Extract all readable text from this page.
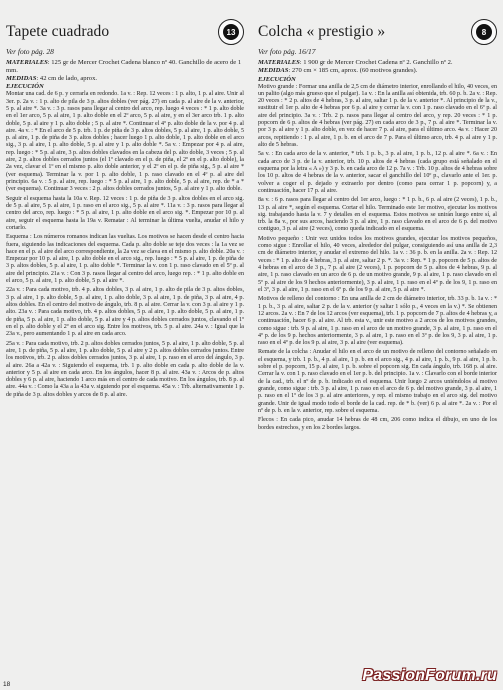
Tapete cuadrado	13
Ver foto pág. 28

MATERIALES: 125 gr de Mercer Crochet Cadena blanco nº 40. Ganchillo de acero de 1 mm.

MEDIDAS: 42 cm de lado, aprox.

EJECUCIÓN

Montar una cad. de 6 p. y cerrarla en redondo. 1a v. : Rep. 12 veces : 1 p. alto, 1 p. al aire. Unir al 3er. p. 2a v. : 1 p. alto de pila de 3 p. altos dobles (ver pág. 27) en cada p. al aire de la v. anterior, 5 p. al aire *. 3a v. : 3 p. rasos para llegar al centro del arco, rep. luego 4 veces : * 1 p. alto doble en el 1er arco, 5 p. al aire, 1 p. alto doble en el 2º arco, 5 p. al aire, y en el 3er arco trb. 1 p. alto doble, 5 p. al aire y 1 p. alto doble ; 5 p. al aire *. Continuar el 4º p. alto doble de la v. por 4 p. al aire. 4a v. : * En el arco de 5 p. trb. 1 p. de piña de 3 p. altos dobles, 5 p. al aire, 1 p. alto doble, 5 p. al aire, 1 p. de piña de 3 p. altos dobles ; hacer luego 1 p. alto doble, 1 p. alto doble en el arco sig., 3 p. al aire, 1 p. alto doble, 5 p. al aire y 1 p. alto doble *. 5a v. : Empezar por 4 p. al aire, rep. luego : * 5 p. al aire, 3 p. altos dobles clavados en la cabeza del p. alto doble, 3 veces ; 5 p. al aire, 2 p. altos dobles cerrados juntos (el 1º clavado en el p. de piña, el 2º en el p. alto doble), la 2a vez, clavar el 1º en el mismo p. alto doble anterior, y el 2º en el p. de piña sig., 5 p. al aire * (ver esquema). Terminar la v. por 1 p. alto doble, 1 p. raso clavado en el 4º p. al aire del principio. 6a v. : 5 p. al aire, rep. luego : * 5 p. al aire, 1 p. alto doble, 5 p. al aire, rep. de * a * (ver esquema). Continuar 3 veces : 2 p. altos dobles cerrados juntos, 5 p. al aire y 1 p. alto doble.

Seguir el esquema hasta la 10a v. Rep. 12 veces : 1 p. de piña de 3 p. altos dobles en el arco sig. de 5 p. al aire, 5 p. al aire, 1 p. raso en el arco sig., 5 p. al aire *. 11a v. : 3 p. rasos para llegar al centro del arco, rep. luego : * 5 p. al aire, 1 p. alto doble en el arco sig. *. Empezar por 10 p. al aire, seguir el esquema hasta la 19a v. Rematar : Al terminar la última vuelta, anudar el hilo y cortarlo.

Esquema : Los números romanos indican las vueltas. Los motivos se hacen desde el centro hacia fuera, siguiendo las indicaciones del esquema. Cada p. alto doble se teje dos veces : la 1a vez se hace en el p. al aire del arco correspondiente, la 2a vez se clava en el mismo p. alto doble. 20a v. : Empezar por 10 p. al aire, 1 p. alto doble en el arco sig., rep. luego : * 5 p. al aire, 1 p. de piña de 3 p. altos dobles, 5 p. al aire, 1 p. alto doble *. Terminar la v. con 1 p. raso clavado en el 5º p. al aire del principio. 21a v. : Con 3 p. rasos llegar al centro del arco, luego rep. : * 1 p. alto doble en el arco, 5 p. al aire, 1 p. alto doble, 5 p. al aire *.

22a v. : Para cada motivo, trb. 4 p. altos dobles, 3 p. al aire, 1 p. alto de pila de 3 p. altos dobles, 3 p. al aire, 1 p. alto doble, 5 p. al aire, 1 p. alto doble, 3 p. al aire, 1 p. de piña, 3 p. al aire, 4 p. altos dobles. En el centro del motivo de ángulo, trb. 8 p. al aire. Cerrar la v. con 3 p. al aire y 1 p. alto. 23a v. : Para cada motivo, trb. 4 p. altos dobles, 5 p. al aire, 1 p. alto doble, 5 p. al aire, 1 p. de piña, 5 p. al aire, 1 p. alto doble, 5 p. al aire y 4 p. altos dobles cerrados juntos, clavando el 1º en el p. alto doble y el 2º en el arco sig. Entre los motivos, trb. 5 p. al aire. 24a v. : Igual que la 23a v., pero aumentando 1 p. al aire en cada arco.

25a v. : Para cada motivo, trb. 2 p. altos dobles cerrados juntos, 5 p. al aire, 1 p. alto doble, 5 p. al aire, 1 p. de piña, 5 p. al aire, 1 p. alto doble, 5 p. al aire y 2 p. altos dobles cerrados juntos. Entre los motivos, trb. 2 p. altos dobles cerrados juntos, 3 p. al aire, 1 p. raso en el arco del ángulo, 3 p. al aire. 26a a 42a v. : Siguiendo el esquema, trb. 1 p. alto doble en cada p. alto doble de la v. anterior y 5 p. al aire en cada arco. En los ángulos, hacer 8 p. al aire. 43a v. : Arcos de p. altos dobles y 6 p. al aire, haciendo 1 arco más en el centro de cada motivo. En los ángulos, trb. 8 p. al aire. 44a v. : Como la 43a a la 43a v. siguiendo por el esquema. 45a v. : Trb. alternativamente 1 p. de piña de 3 p. altos dobles y arcos de 8 p. al aire.

Colcha « prestigio »	8
Ver foto pág. 16/17

MATERIALES: 1 900 gr de Mercer Crochet Cadena nº 2. Ganchillo nº 2.

MEDIDAS: 270 cm × 185 cm, aprox. (60 motivos grandes).

EJECUCIÓN

Motivo grande : Formar una anilla de 2,5 cm de diámetro interior, enrollando el hilo, 40 veces, en un palito (algo más grueso que el pulgar). 1a v. : En la anilla así obtenida, trb. 60 p. b. 2a v. : Rep. 20 veces : * 2 p. altos de 4 hebras, 3 p. al aire, saltar 1 p. de la v. anterior *. Al principio de la v., sustituir el 1er p. alto de 4 hebras por 6 p. al aire y cerrar la v. con 1 p. raso clavado en el 6º p. al aire del principio. 3a v. : Trb. 2 p. rasos para llegar al centro del arco, y rep. 20 veces : * 1 p. popcorn de 6 p. altos de 4 hebras (ver pág. 27) en cada arco de 3 p., 7 p. al aire *. Terminar la v. por 3 p. al aire y 1 p. alto doble, en vez de hacer 7 p. al aire, para el último arco. 4a v. : Hacer 20 arcos, repitiendo : 1 p. al aire, 1 p. b. en el arco de 7 p. Para el último arco, trb. 4 p. al aire y 1 p. alto de 5 hebras.

5a v. : En cada arco de la v. anterior, * trb. 1 p. b., 3 p. al aire, 1 p. b., 12 p. al aire *. 6a v. : En cada arco de 3 p. de la v. anterior, trb. 10 p. altos de 4 hebras (cada grupo está señalado en el esquema por la letra « A ») y 3 p. b. en cada arco de 12 p. 7a v. : Trb. 10 p. altos de 4 hebras sobre los 10 p. altos de 4 hebras de la v. anterior, sacar el ganchillo del 10º p., clavarlo ante el 1er. p. volver a coger el p. dejado y extraerlo por dentro (como para cerrar 1 p. popcorn) y, a continuación, hacer 17 p. al aire.

8a v. : 6 p. rasos para llegar al centro del 1er arco, luego : * 1 p. b., 6 p. al aire (2 veces), 1 p. b., 13 p. al aire *, según el esquema. Cortar el hilo. Terminado este 1er motivo, ejecutar los motivos sig. trabajando hasta la v. 7 y detalles en el esquema. Estos motivos se unirán luego entre sí, al trb. la 8a v., por sus arcos, haciendo 3 p. al aire, 1 p. raso clavado en el arco de 6 p. del motivo contiguo, 3 p. al aire (2 veces), como queda indicado en el esquema.

Motivo pequeño : Unir vez unidos todos los motivos grandes, ejecutar los motivos pequeños, como sigue : Enrollar el hilo, 40 veces, alrededor del pulgar, consiguiendo así una anilla de 2,3 cm de diámetro interior, y anudar el extremo del hilo. 1a v. : 36 p. b. en la anilla. 2a v. : Rep. 12 veces : * 1 p. alto de 4 hebras, 3 p. al aire, saltar 2 p. *. 3a v. : Rep. * 1 p. popcorn de 5 p. altos de 4 hebras en el arco de 3 p., 7 p. al aire (2 veces), 1 p. popcorn de 5 p. altos de 4 hebras, 9 p. al aire, 1 p. raso clavado en un arco de 6 p. de un motivo grande, 9 p. al aire, 1 p. raso clavado en el 5º p. al aire de los 9 hechos anteriormente), 3 p. al aire, 1 p. raso en el 4º p. de los 9, 1 p. raso en el 3º, 3 p. al aire, 1 p. raso en el 6º p. de los 9 p. al aire, 5 p. al aire *.

Motivos de relleno del contorno : En una anilla de 2 cm de diámetro interior, trb. 33 p. b. 1a v. : * 1 p. b., 3 p. al aire, saltar 2 p. de la v. anterior (y saltar 1 sólo p., 4 veces en la v.) *. Se obtienen 12 arcos. 2a v. : En 7 de los 12 arcos (ver esquema), trb. 1 p. popcorn de 7 p. altos de 4 hebras y, a continuación, hacer 6 p. al aire. Al trb. esta v., unir este motivo a 2 arcos de los motivos grandes, como sigue : trb. 9 p. al aire, 1 p. raso en el arco de un motivo grande, 3 p. al aire, 1 p. raso en el 4º p. de los 9 p. hechos anteriormente, 3 p. al aire, 1 p. raso en el 3º p. de los 9, 3 p. al aire, 1 p. raso en el 4º p. de los 9 p. al aire, 3 p. al aire (ver esquema).

Remate de la colcha : Anudar el hilo en el arco de un motivo de relleno del contorno señalado en el esquema, y trb. 1 p. b., 4 p. al aire, 1 p. b. en el arco sig., 4 p. al aire, 1 p. b., 9 p. al aire, 1 p. b. sobre el p. popcorn, 15 p. al aire, 1 p. b. sobre el popcorn sig. En cada ángulo, trb. 168 p. al aire. Cerrar la v. con 1 p. raso clavado en el 1er p. b. del principio. 1a v. : Clavarlo con el borde interior de la cad., trb. el nº de p. b. indicado en el esquema. Unir luego 2 arcos uniéndolos al motivo grande, como sigue : trb. 3 p. al aire, 1 p. raso en el arco de 6 p. del motivo grande, 3 p. al aire, 1 p. raso en el 1º de los 3 p. al aire anteriores, y rep. el mismo trabajo en el arco sig. del motivo grande. Unir de igual modo todo el borde de la cad. rep. de * b. (ver) 6 p. al aire *. 2a v. : Por el nº de p. b. en la v. anterior, rep. sobre el esquema.

Flecos : En cada pico, anudar 14 hebras de 48 cm, 206 como indica el dibujo, en uno de los bordes estrechos, y en los 2 bordes largos.

18
PassionForum.ru
